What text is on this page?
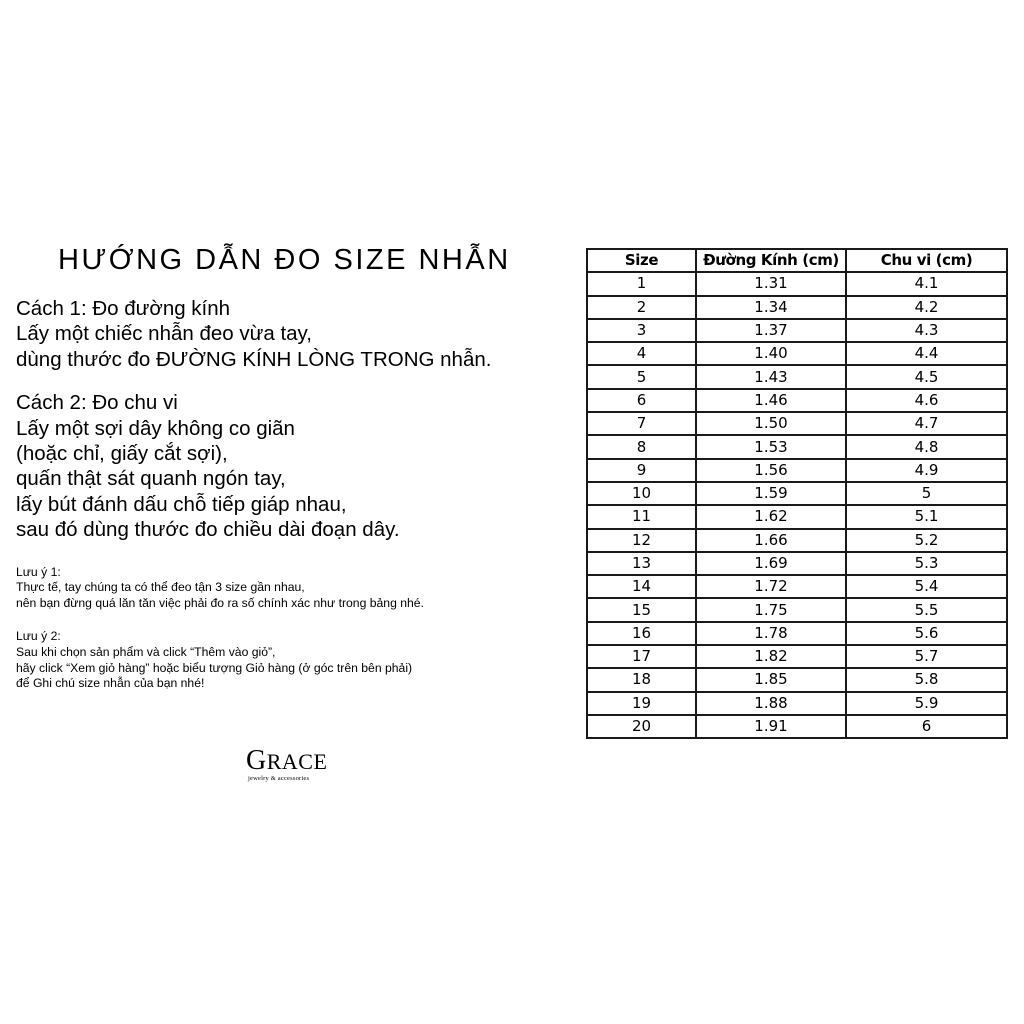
HƯỚNG DẪN ĐO SIZE NHẪN
Cách 1: Đo đường kính
Lấy một chiếc nhẫn đeo vừa tay,
dùng thước đo ĐƯỜNG KÍNH LÒNG TRONG nhẫn.
Cách 2: Đo chu vi
Lấy một sợi dây không co giãn
(hoặc chỉ, giấy cắt sợi),
quấn thật sát quanh ngón tay,
lấy bút đánh dấu chỗ tiếp giáp nhau,
sau đó dùng thước đo chiều dài đoạn dây.
Lưu ý 1:
Thực tế, tay chúng ta có thể đeo tận 3 size gần nhau,
nên bạn đừng quá lăn tăn việc phải đo ra số chính xác như trong bảng nhé.
Lưu ý 2:
Sau khi chọn sản phẩm và click “Thêm vào giỏ”,
hãy click “Xem giỏ hàng” hoặc biểu tượng Giỏ hàng (ở góc trên bên phải)
để Ghi chú size nhẫn của bạn nhé!
GRACE
jewelry & accessories
Size	Đường Kính (cm)	Chu vi (cm)
1	1.31	4.1
2	1.34	4.2
3	1.37	4.3
4	1.40	4.4
5	1.43	4.5
6	1.46	4.6
7	1.50	4.7
8	1.53	4.8
9	1.56	4.9
10	1.59	5
11	1.62	5.1
12	1.66	5.2
13	1.69	5.3
14	1.72	5.4
15	1.75	5.5
16	1.78	5.6
17	1.82	5.7
18	1.85	5.8
19	1.88	5.9
20	1.91	6
